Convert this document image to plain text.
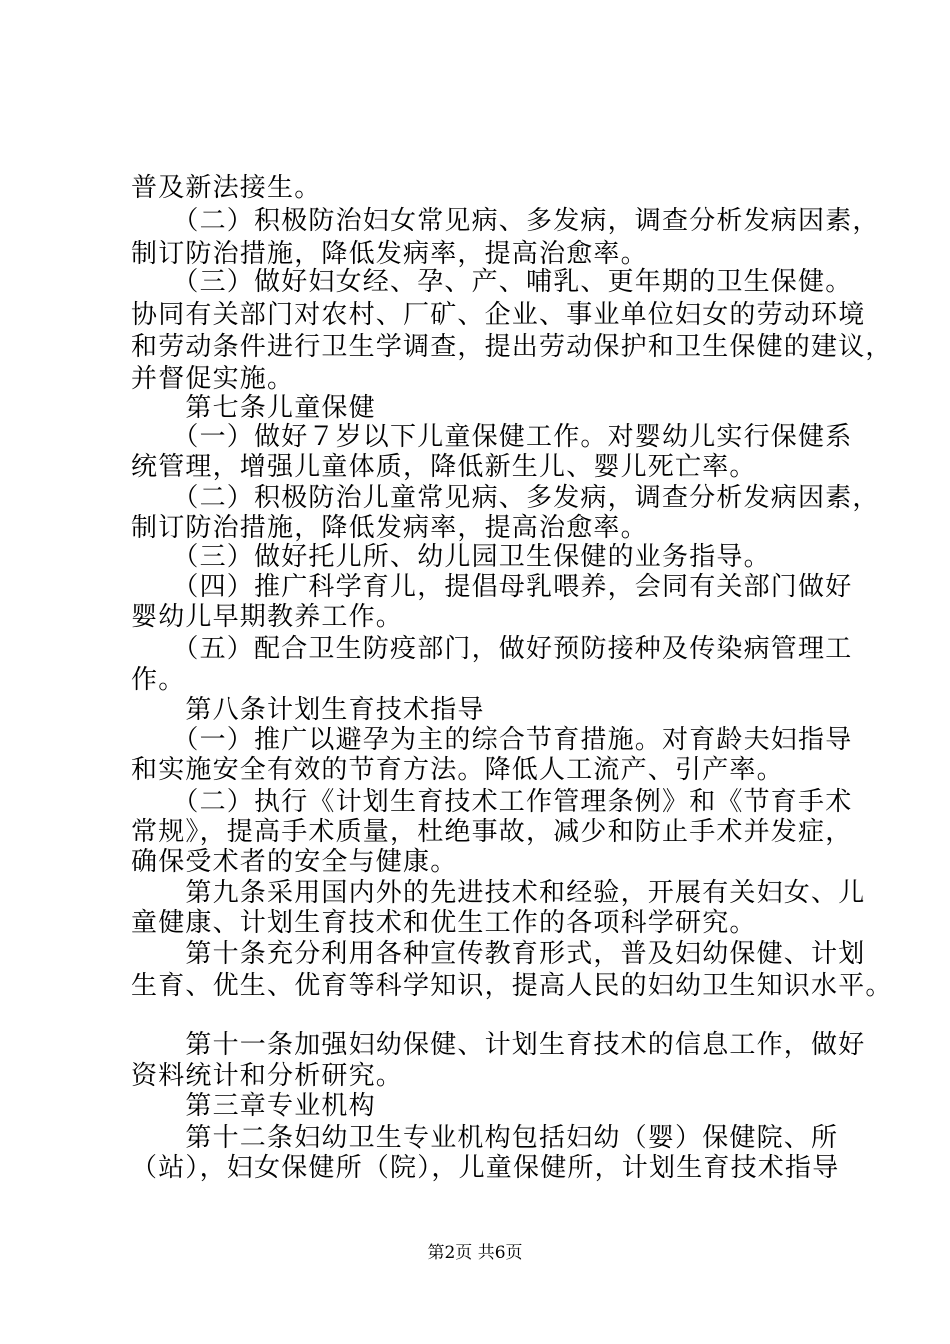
普及新法接生。
　　（二）积极防治妇女常见病、多发病，调查分析发病因素，
制订防治措施，降低发病率，提高治愈率。
　　（三）做好妇女经、孕、产、哺乳、更年期的卫生保健。
协同有关部门对农村、厂矿、企业、事业单位妇女的劳动环境
和劳动条件进行卫生学调查，提出劳动保护和卫生保健的建议，
并督促实施。
　　第七条儿童保健
　　（一）做好７岁以下儿童保健工作。对婴幼儿实行保健系
统管理，增强儿童体质，降低新生儿、婴儿死亡率。
　　（二）积极防治儿童常见病、多发病，调查分析发病因素，
制订防治措施，降低发病率，提高治愈率。
　　（三）做好托儿所、幼儿园卫生保健的业务指导。
　　（四）推广科学育儿，提倡母乳喂养，会同有关部门做好
婴幼儿早期教养工作。
　　（五）配合卫生防疫部门，做好预防接种及传染病管理工
作。
　　第八条计划生育技术指导
　　（一）推广以避孕为主的综合节育措施。对育龄夫妇指导
和实施安全有效的节育方法。降低人工流产、引产率。
　　（二）执行《计划生育技术工作管理条例》和《节育手术
常规》，提高手术质量，杜绝事故，减少和防止手术并发症，
确保受术者的安全与健康。
　　第九条采用国内外的先进技术和经验，开展有关妇女、儿
童健康、计划生育技术和优生工作的各项科学研究。
　　第十条充分利用各种宣传教育形式，普及妇幼保健、计划
生育、优生、优育等科学知识，提高人民的妇幼卫生知识水平。
　　第十一条加强妇幼保健、计划生育技术的信息工作，做好
资料统计和分析研究。
　　第三章专业机构
　　第十二条妇幼卫生专业机构包括妇幼（婴）保健院、所
（站），妇女保健所（院），儿童保健所，计划生育技术指导
第2页 共6页
